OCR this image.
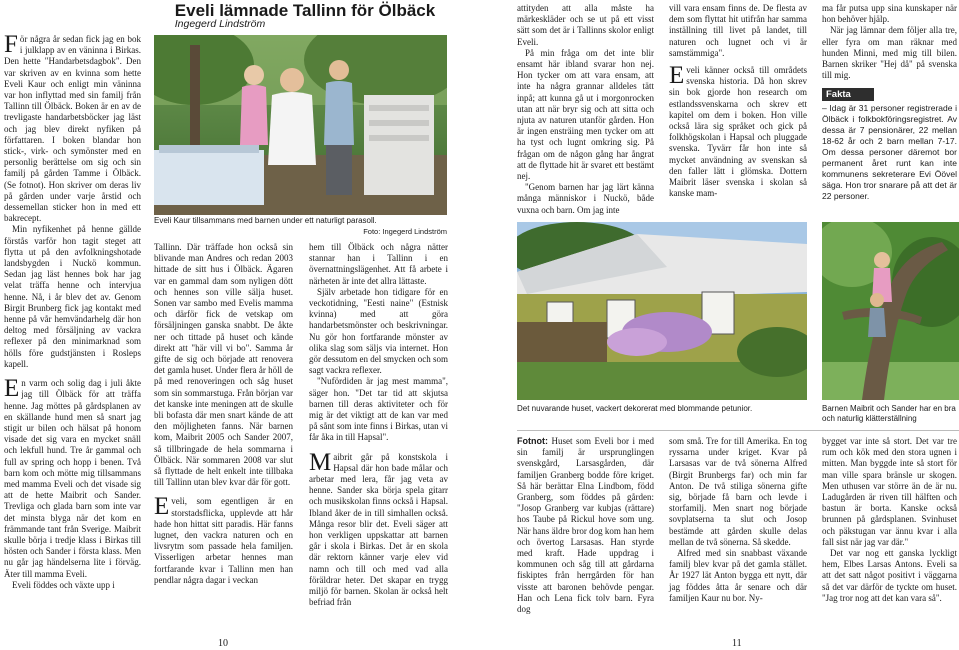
För några år sedan fick jag en bok i julklapp av en väninna i Birkas. Den hette "Handarbetsdagbok". Den var skriven av en kvinna som hette Eveli Kaur och enligt min väninna var hon inflyttad med sin familj från Tallinn till Ölbäck. Boken är en av de trevligaste handarbetsböcker jag läst och jag blev direkt nyfiken på författaren. I boken blandar hon stick-, virk- och symönster med en personlig berättelse om sig och sin familj på gården Tamme i Ölbäck. (Se fotnot). Hon skriver om deras liv på gården under varje årstid och dessemellan sticker hon in med ett bakrecept.

Min nyfikenhet på henne gällde förstås varför hon tagit steget att flytta ut på den avfolkningshotade landsbygden i Nuckö kommun. Sedan jag läst hennes bok har jag velat träffa henne och intervjua henne. Nå, i år blev det av. Genom Birgit Brunberg fick jag kontakt med henne på vår hemvändarhelg där hon deltog med försäljning av vackra reflexer på den minimarknad som hölls före gudstjänsten i Rosleps kapell.

En varm och solig dag i juli åkte jag till Ölbäck för att träffa henne. Jag möttes på gårdsplanen av en skällande hund men så snart jag stigit ur bilen och hälsat på honom visade det sig vara en mycket snäll och lekfull hund. Tre år gammal och full av spring och hopp i benen. Två barn kom och mötte mig tillsammans med mamma Eveli och det visade sig att de hette Maibrit och Sander. Trevliga och glada barn som inte var det minsta blyga när det kom en främmande tant från Sverige. Maibrit skulle börja i tredje klass i Birkas till hösten och Sander i första klass. Men nu går jag händelserna lite i förväg. Äter till mamma Eveli.

Eveli föddes och växte upp i

Eveli lämnade Tallinn för Ölbäck
Ingegerd Lindström
Eveli Kaur tillsammans med barnen under ett naturligt parasoll.
Foto: Ingegerd Lindström

Tallinn. Där träffade hon också sin blivande man Andres och redan 2003 hittade de sitt hus i Ölbäck. Ägaren var en gammal dam som nyligen dött och hennes son ville sälja huset. Sonen var sambo med Evelis mamma och därför fick de vetskap om försäljningen ganska snabbt. De åkte ner och tittade på huset och kände direkt att "här vill vi bo". Samma år gifte de sig och började att renovera det gamla huset. Under flera år höll de på med renoveringen och såg huset som sin sommarstuga. Från början var det kanske inte meningen att de skulle bli bofasta där men snart kände de att den möjligheten fanns. När barnen kom, Maibrit 2005 och Sander 2007, så tillbringade de hela sommarna i Ölbäck. När sommaren 2008 var slut så flyttade de helt enkelt inte tillbaka till Tallinn utan blev kvar där för gott.

Eveli, som egentligen är en storstadsflicka, upplevde att hår hade hon hittat sitt paradis. Här fanns lugnet, den vackra naturen och en livsrytm som passade hela familjen. Visserligen arbetar hennes man fortfarande kvar i Tallinn men han pendlar några dagar i veckan

hem till Ölbäck och några nätter stannar han i Tallinn i en övernattningslägenhet. Att få arbete i närheten är inte det allra lättaste.

Själv arbetade hon tidigare för en veckotidning, "Eesti naine" (Estnisk kvinna) med att göra handarbetsmönster och beskrivningar. Nu gör hon fortfarande mönster av olika slag som säljs via internet. Hon gör dessutom en del smycken och som sagt vackra reflexer.

"Nufördiden är jag mest mamma", säger hon. "Det tar tid att skjutsa barnen till deras aktiviteter och för mig är det viktigt att de kan var med på sånt som inte finns i Birkas, utan vi får åka in till Hapsal".

Maibrit går på konstskola i Hapsal där hon bade målar och arbetar med lera, får jag veta av henne. Sander ska börja spela gitarr och musikskolan finns också i Hapsal. Ibland åker de in till simhallen också. Många resor blir det. Eveli säger att hon verkligen uppskattar att barnen går i skola i Birkas. Det är en skola där rektorn känner varje elev vid namn och till och med vad alla föräldrar heter. Det skapar en trygg miljö för barnen. Skolan är också helt befriad från

10

attityden att alla måste ha märkeskläder och se ut på ett visst sätt som det är i Tallinns skolor enligt Eveli.

På min fråga om det inte blir ensamt här ibland svarar hon nej. Hon tycker om att vara ensam, att inte ha några grannar alldeles tätt inpå; att kunna gå ut i morgonrocken utan att när bryr sig och att sitta och njuta av naturen utanför gården. Hon är ingen ensträing men tycker om att ha tyst och lugnt omkring sig. På frågan om de någon gång har ångrat att de flyttade hit är svaret ett bestämt nej.

"Genom barnen har jag lärt känna många människor i Nuckö, både vuxna och barn. Om jag inte

vill vara ensam finns de. De flesta av dem som flyttat hit utifrån har samma inställning till livet på landet, till naturen och lugnet och vi är samstämmiga".

Eveli känner också till områdets svenska historia. Då hon skrev sin bok gjorde hon research om estlandssvenskarna och skrev ett kapitel om dem i boken. Hon ville också lära sig språket och gick på folkhögskolan i Hapsal och pluggade svenska. Tyvärr får hon inte så mycket användning av svenskan så den faller lätt i glömska. Dottern Maibrit läser svenska i skolan så kanske mam-

ma får putsa upp sina kunskaper när hon behöver hjälp.

När jag lämnar dem följer alla tre, eller fyra om man räknar med hunden Minni, med mig till bilen. Barnen skriker "Hej då" på svenska till mig.

Fakta
– Idag är 31 personer registrerade i Ölbäck i folkbokföringsregistret. Av dessa är 7 pensionärer, 22 mellan 18-62 år och 2 barn mellan 7-17. Om dessa personer däremot bor permanent året runt kan inte kommunens sekreterare Evi Öövel säga. Hon tror snarare på att det är 22 personer.
Det nuvarande huset, vackert dekorerat med blommande petunior.	Barnen Maibrit och Sander har en bra och naturlig klätterställning
Fotnot: Huset som Eveli bor i med sin familj är ursprunglingen svenskgård, Larsasgården, där familjen Granberg bodde före kriget. Så här berättar Elna Lindbom, född Granberg, som föddes på gården: "Josop Granberg var kubjas (rättare) hos Taube på Rickul hove som ung. När hans äldre bror dog kom han hem och övertog Larsasas. Han styrde med kraft. Hade uppdrag i kommunen och såg till att gårdarna fiskiptes från herrgården för han visste att baronen behövde pengar. Han och Lena fick tolv barn. Fyra dog

som små. Tre for till Amerika. En tog ryssarna under kriget. Kvar på Larsasas var de två sönerna Alfred (Birgit Brunbergs far) och min far Anton. De två stiliga sönerna gifte sig, började få barn och levde i storfamilj. Men snart nog började sovplatserna ta slut och Josop bestämde att gården skulle delas mellan de två sönerna. Så skedde.

Alfred med sin snabbast växande familj blev kvar på det gamla stället. År 1927 lät Anton bygga ett nytt, där jag föddes åtta år senare och där familjen Kaur nu bor. Ny-

bygget var inte så stort. Det var tre rum och kök med den stora ugnen i mitten. Man byggde inte så stort för man ville spara bränsle ur skogen. Men uthusen var större än de är nu. Ladugården är riven till hälften och bastun är borta. Kanske också brunnen på gårdsplanen. Svinhuset och päkstugan var ännu kvar i alla fall sist när jag var där."

Det var nog ett ganska lyckligt hem, Elbes Larsas Antons. Eveli sa att det satt något positivt i väggarna så det var därför de tyckte om huset. "Jag tror nog att det kan vara så".

11
